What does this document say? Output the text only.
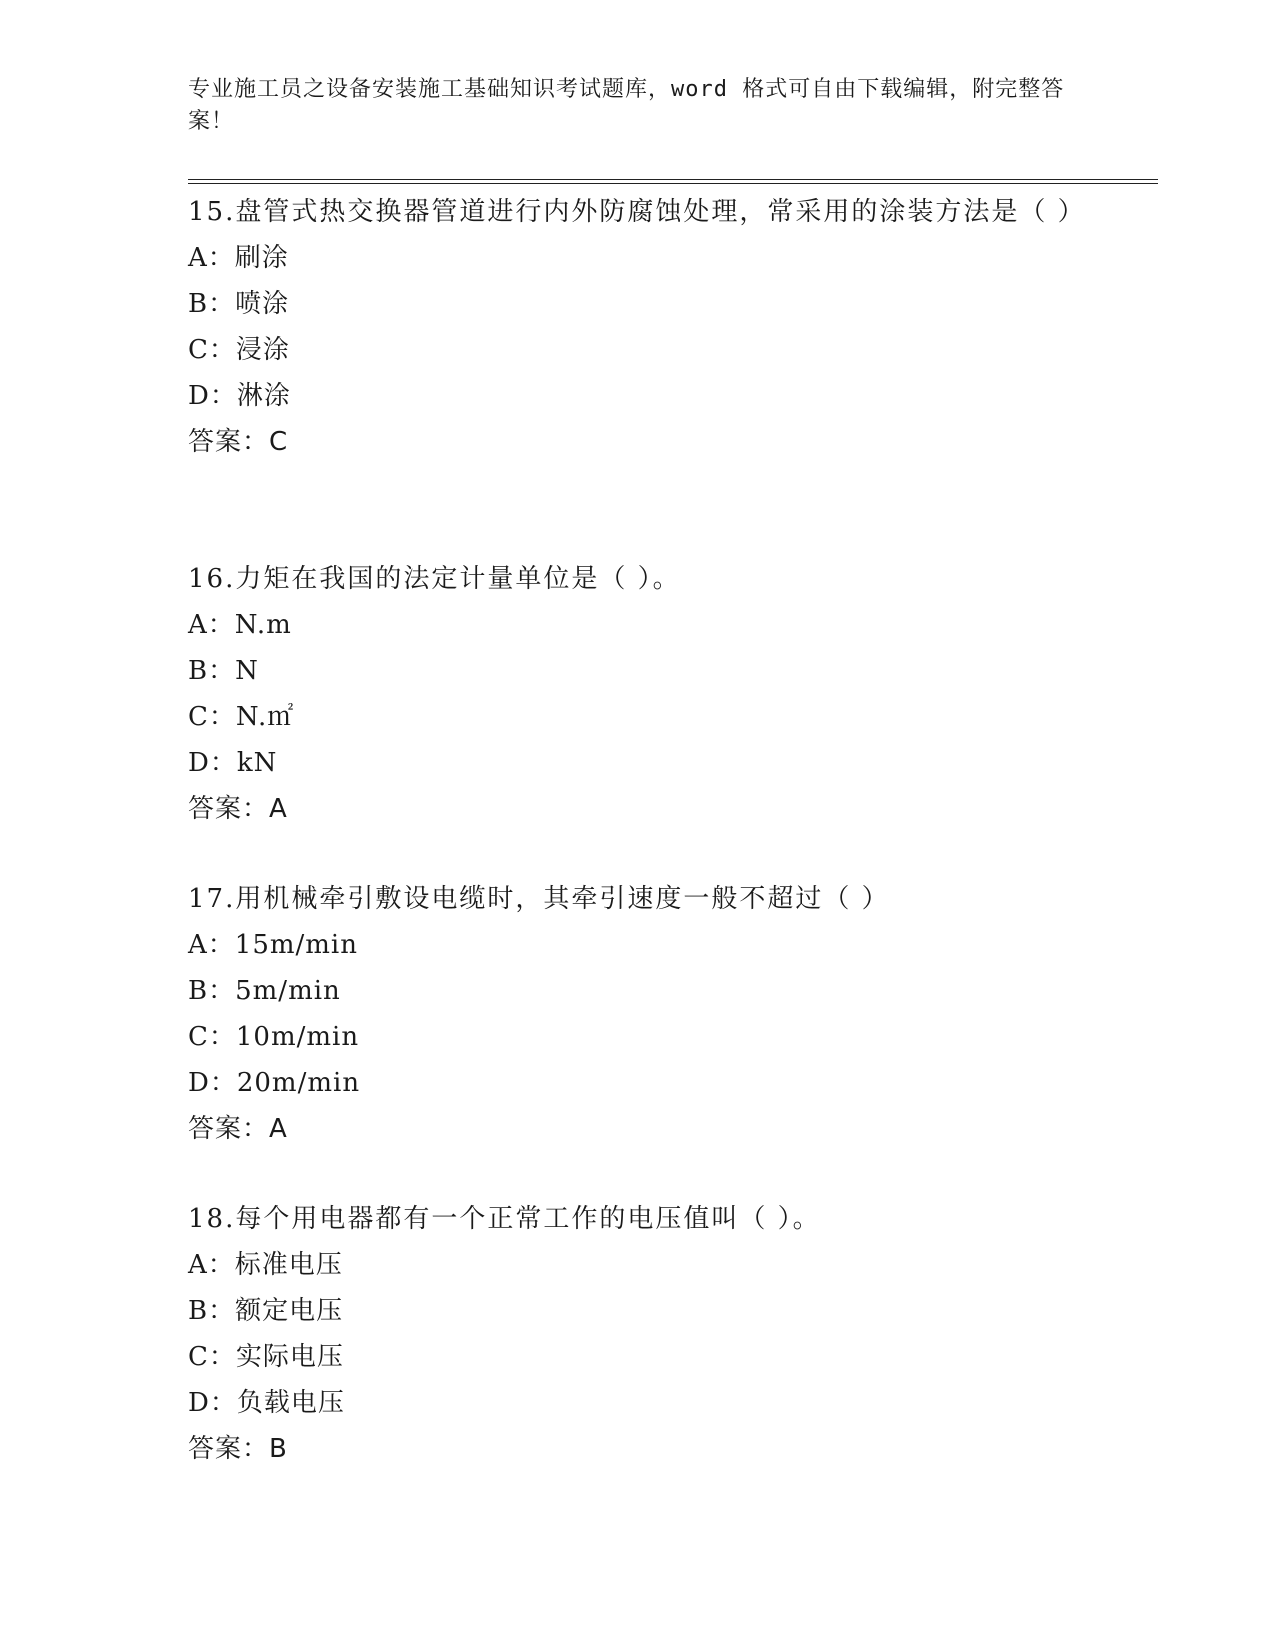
专业施工员之设备安装施工基础知识考试题库，word 格式可自由下载编辑，附完整答案！
15.盘管式热交换器管道进行内外防腐蚀处理，常采用的涂装方法是（ ）
A：刷涂
B：喷涂
C：浸涂
D：淋涂
答案：C
16.力矩在我国的法定计量单位是（ ）。
A：N.m
B：N
C：N.㎡
D：kN
答案：A
17.用机械牵引敷设电缆时，其牵引速度一般不超过（ ）
A：15m/min
B：5m/min
C：10m/min
D：20m/min
答案：A
18.每个用电器都有一个正常工作的电压值叫（ ）。
A：标准电压
B：额定电压
C：实际电压
D：负载电压
答案：B
